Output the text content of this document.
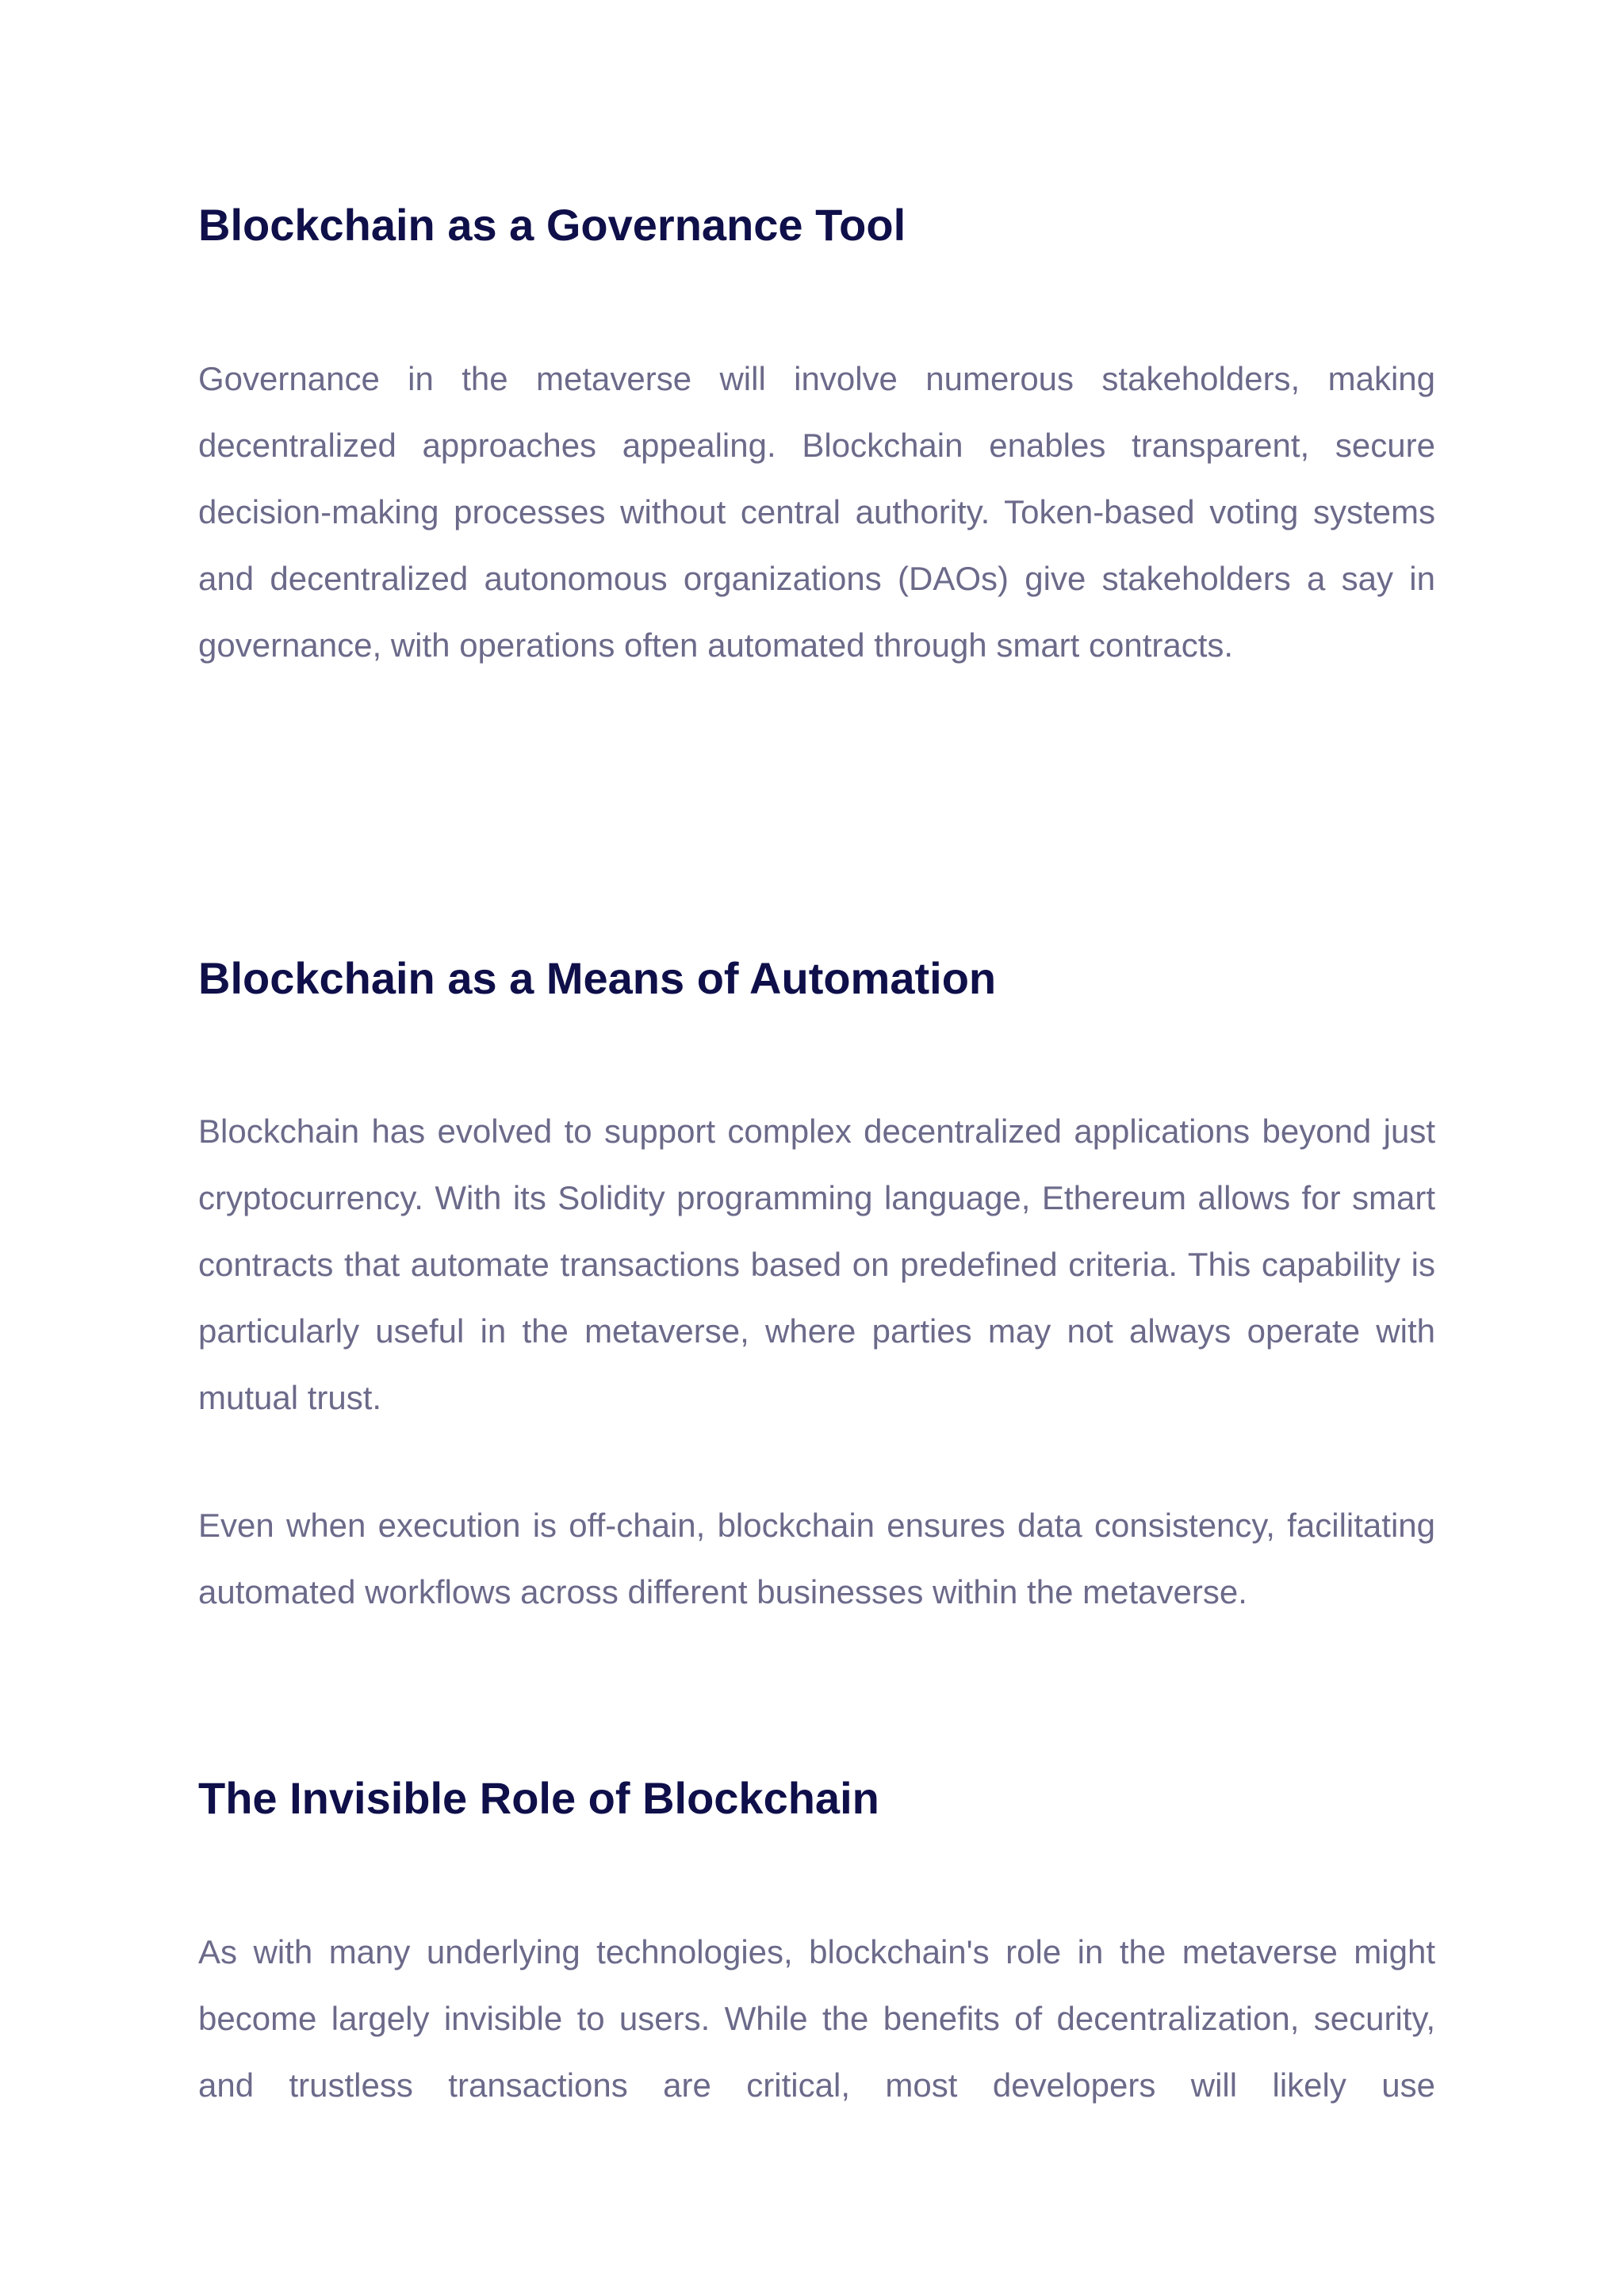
Blockchain as a Governance Tool

Governance in the metaverse will involve numerous stakeholders, making decentralized approaches appealing. Blockchain enables transparent, secure decision-making processes without central authority. Token-based voting systems and decentralized autonomous organizations (DAOs) give stakeholders a say in governance, with operations often automated through smart contracts.

Blockchain as a Means of Automation

Blockchain has evolved to support complex decentralized applications beyond just cryptocurrency. With its Solidity programming language, Ethereum allows for smart contracts that automate transactions based on predefined criteria. This capability is particularly useful in the metaverse, where parties may not always operate with mutual trust.

Even when execution is off-chain, blockchain ensures data consistency, facilitating automated workflows across different businesses within the metaverse.

The Invisible Role of Blockchain

As with many underlying technologies, blockchain's role in the metaverse might become largely invisible to users. While the benefits of decentralization, security, and trustless transactions are critical, most developers will likely use
